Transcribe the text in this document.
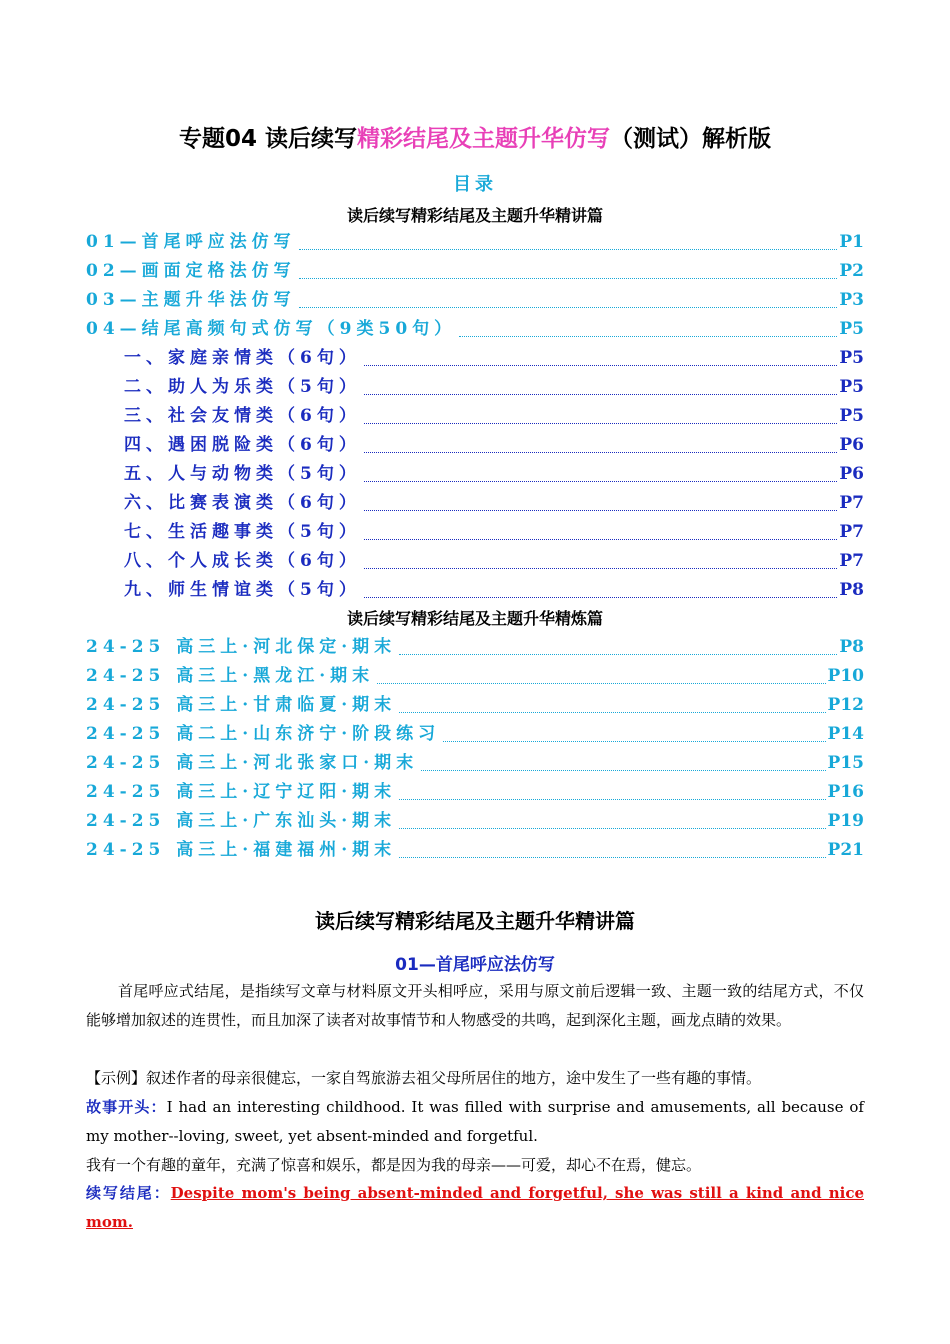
专题04 读后续写精彩结尾及主题升华仿写（测试）解析版
目录
读后续写精彩结尾及主题升华精讲篇
01—首尾呼应法仿写	P1
02—画面定格法仿写	P2
03—主题升华法仿写	P3
04—结尾高频句式仿写（9类50句）	P5
一、家庭亲情类（6句）	P5
二、助人为乐类（5句）	P5
三、社会友情类（6句）	P5
四、遇困脱险类（6句）	P6
五、人与动物类（5句）	P6
六、比赛表演类（6句）	P7
七、生活趣事类（5句）	P7
八、个人成长类（6句）	P7
九、师生情谊类（5句）	P8
读后续写精彩结尾及主题升华精炼篇
24-25 高三上·河北保定·期末	P8
24-25 高三上·黑龙江·期末	P10
24-25 高三上·甘肃临夏·期末	P12
24-25 高二上·山东济宁·阶段练习	P14
24-25 高三上·河北张家口·期末	P15
24-25 高三上·辽宁辽阳·期末	P16
24-25 高三上·广东汕头·期末	P19
24-25 高三上·福建福州·期末	P21
读后续写精彩结尾及主题升华精讲篇
01—首尾呼应法仿写
首尾呼应式结尾，是指续写文章与材料原文开头相呼应，采用与原文前后逻辑一致、主题一致的结尾方式，不仅能够增加叙述的连贯性，而且加深了读者对故事情节和人物感受的共鸣，起到深化主题，画龙点睛的效果。
【示例】叙述作者的母亲很健忘，一家自驾旅游去祖父母所居住的地方，途中发生了一些有趣的事情。
故事开头：I had an interesting childhood. It was filled with surprise and amusements, all because of my mother--loving, sweet, yet absent-minded and forgetful.
我有一个有趣的童年，充满了惊喜和娱乐，都是因为我的母亲——可爱，却心不在焉，健忘。
续写结尾：Despite mom's being absent-minded and forgetful, she was still a kind and nice mom.
